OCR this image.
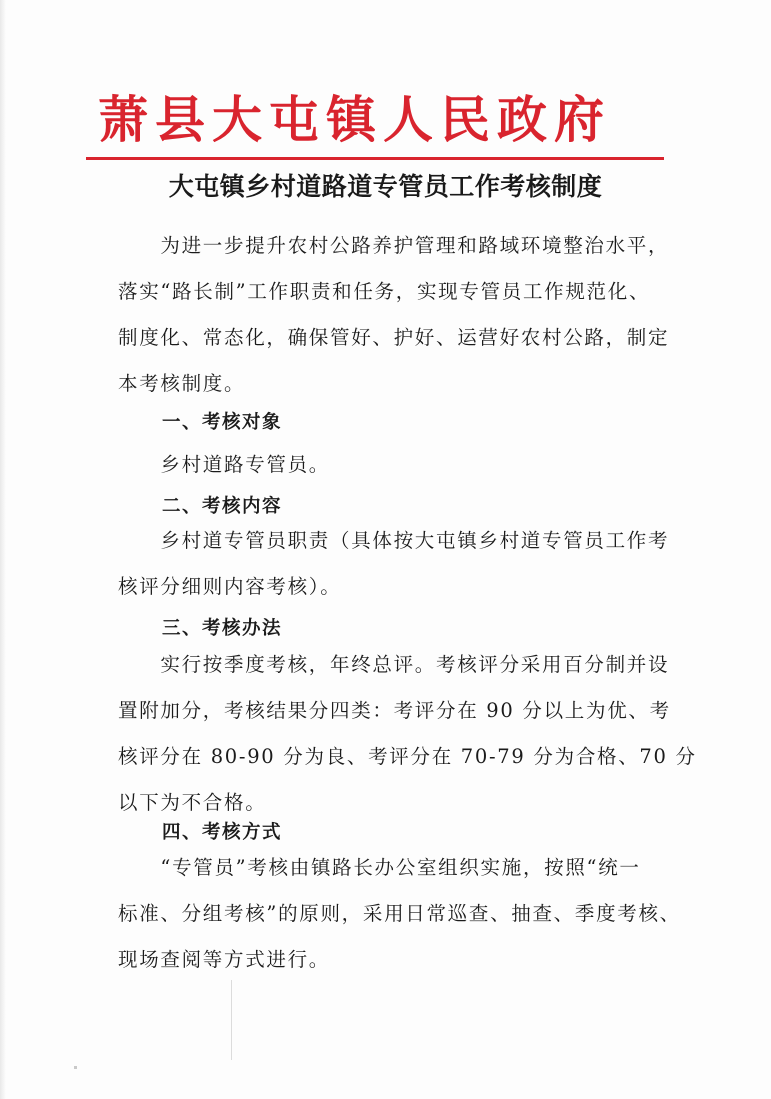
萧县大屯镇人民政府
大屯镇乡村道路道专管员工作考核制度
　　为进一步提升农村公路养护管理和路域环境整治水平，
落实“路长制”工作职责和任务，实现专管员工作规范化、
制度化、常态化，确保管好、护好、运营好农村公路，制定
本考核制度。
一、考核对象
　　乡村道路专管员。
二、考核内容
　　乡村道专管员职责（具体按大屯镇乡村道专管员工作考
核评分细则内容考核）。
三、考核办法
　　实行按季度考核，年终总评。考核评分采用百分制并设
置附加分，考核结果分四类：考评分在 90 分以上为优、考
核评分在 80-90 分为良、考评分在 70-79 分为合格、70 分
以下为不合格。
四、考核方式
　　“专管员”考核由镇路长办公室组织实施，按照“统一
标准、分组考核”的原则，采用日常巡查、抽查、季度考核、
现场查阅等方式进行。
